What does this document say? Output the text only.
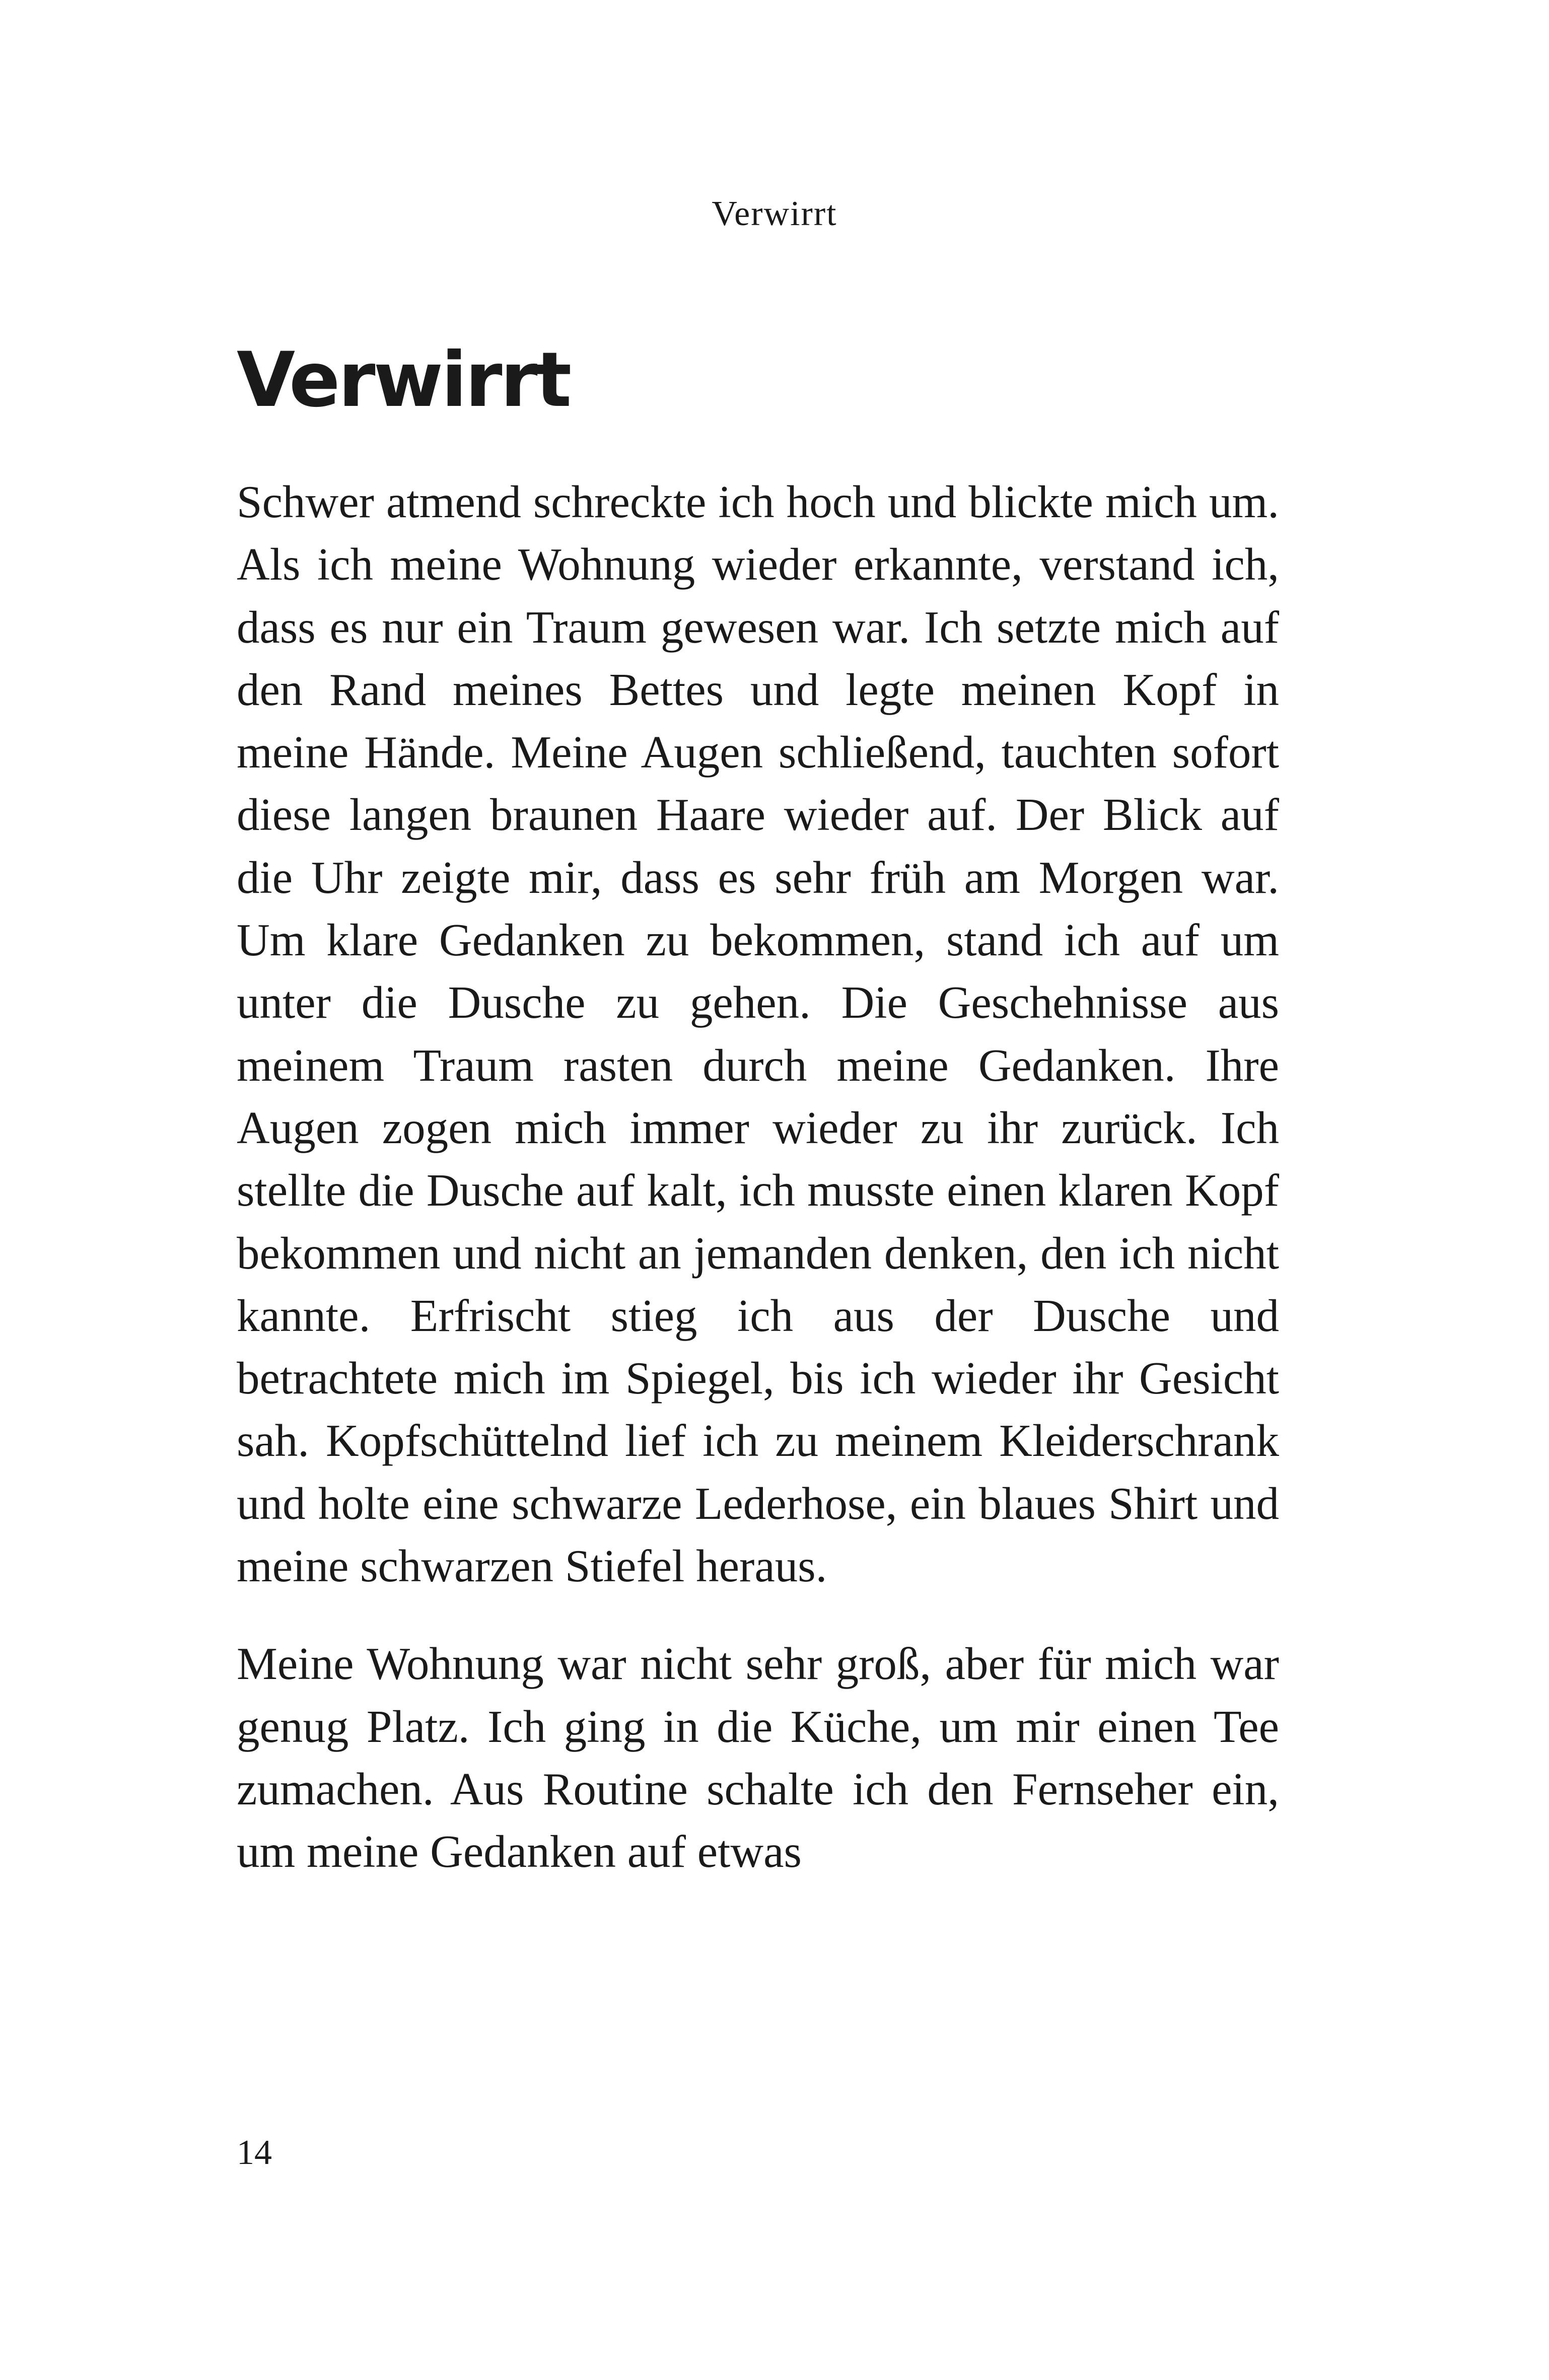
Verwirrt
Verwirrt

Schwer atmend schreckte ich hoch und blickte mich um. Als ich meine Wohnung wieder erkannte, verstand ich, dass es nur ein Traum gewesen war. Ich setzte mich auf den Rand meines Bettes und legte meinen Kopf in meine Hände. Meine Augen schließend, tauchten sofort diese langen braunen Haare wieder auf. Der Blick auf die Uhr zeigte mir, dass es sehr früh am Morgen war. Um klare Gedanken zu bekommen, stand ich auf um unter die Dusche zu gehen. Die Geschehnisse aus meinem Traum rasten durch meine Gedanken. Ihre Augen zogen mich immer wieder zu ihr zurück. Ich stellte die Dusche auf kalt, ich musste einen klaren Kopf bekommen und nicht an jemanden denken, den ich nicht kannte. Erfrischt stieg ich aus der Dusche und betrachtete mich im Spiegel, bis ich wieder ihr Gesicht sah. Kopfschüttelnd lief ich zu meinem Kleiderschrank und holte eine schwarze Lederhose, ein blaues Shirt und meine schwarzen Stiefel heraus.

Meine Wohnung war nicht sehr groß, aber für mich war genug Platz. Ich ging in die Küche, um mir einen Tee zumachen. Aus Routine schalte ich den Fernseher ein, um meine Gedanken auf etwas

14
